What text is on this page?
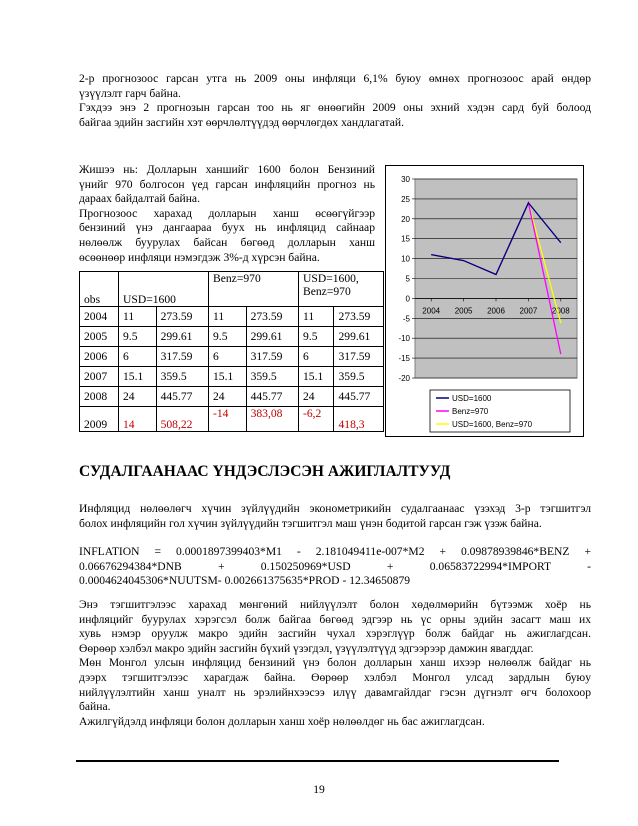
2-р прогнозоос гарсан утга нь 2009 оны инфляци 6,1% буюу өмнөх прогнозоос арай өндөр
үзүүлэлт гарч байна.
Гэхдээ энэ 2 прогнозын гарсан тоо нь яг өнөөгийн 2009 оны эхний хэдэн сард буй болоод
байгаа эдийн засгийн хэт өөрчлөлтүүдэд өөрчлөгдөх хандлагатай.
Жишээ нь: Долларын ханшийг 1600 болон Бензиний
үнийг 970 болгосон үед гарсан инфляцийн прогноз нь
дараах байдалтай байна.
Прогнозоос харахад долларын ханш өсөөгүйгээр
бензиний үнэ дангаараа буух нь инфляцид сайнаар
нөлөөлж буурулах байсан бөгөөд долларын ханш
өсөөнөөр инфляци нэмэгдэж 3%-д хүрсэн байна.
obs	USD=1600		Benz=970		USD=1600,
Benz=970	

2004	11	273.59	11	273.59	11	273.59
2005	9.5	299.61	9.5	299.61	9.5	299.61
2006	6	317.59	6	317.59	6	317.59
2007	15.1	359.5	15.1	359.5	15.1	359.5
2008	24	445.77	24	445.77	24	445.77
2009	14	508,22	-14	383,08	-6,2	418,3
30
25
20
15
10
5
0
-5
-10
-15
-20
2004 2005 2006 2007 2008
USD=1600
Benz=970
USD=1600, Benz=970
СУДАЛГААНААС ҮНДЭСЛЭСЭН АЖИГЛАЛТУУД
Инфляцид нөлөөлөгч хүчин зүйлүүдийн эконометрикийн судалгаанаас үзэхэд 3-р тэгшитгэл
болох инфляцийн гол хүчин зүйлүүдийн тэгшитгэл маш үнэн бодитой гарсан гэж үзэж байна.
INFLATION = 0.0001897399403*M1 - 2.181049411e-007*M2 + 0.09878939846*BENZ +
0.06676294384*DNB + 0.150250969*USD + 0.06583722994*IMPORT -
0.0004624045306*NUUTSM- 0.002661375635*PROD - 12.34650879
Энэ тэгшитгэлээс харахад мөнгөний нийлүүлэлт болон хөдөлмөрийн бүтээмж хоёр нь
инфляцийг буурулах хэрэгсэл болж байгаа бөгөөд эдгээр нь үс орны эдийн засагт маш их
хувь нэмэр оруулж макро эдийн засгийн чухал хэрэглүүр болж байдаг нь ажиглагдсан.
Өөрөөр хэлбэл макро эдийн засгийн бүхий үзэгдэл, үзүүлэлтүүд эдгээрээр дамжин явагддаг.
Мөн Монгол улсын инфляцид бензиний үнэ болон долларын ханш ихээр нөлөөлж байдаг нь
дээрх тэгшитгэлээс харагдаж байна. Өөрөөр хэлбэл Монгол улсад зардлын буюу
нийлүүлэлтийн ханш уналт нь эрэлийнхээсээ илүү давамгайлдаг гэсэн дүгнэлт өгч болохоор
байна.
Ажилгүйдэлд инфляци болон долларын ханш хоёр нөлөөлдөг нь бас ажиглагдсан.
19
